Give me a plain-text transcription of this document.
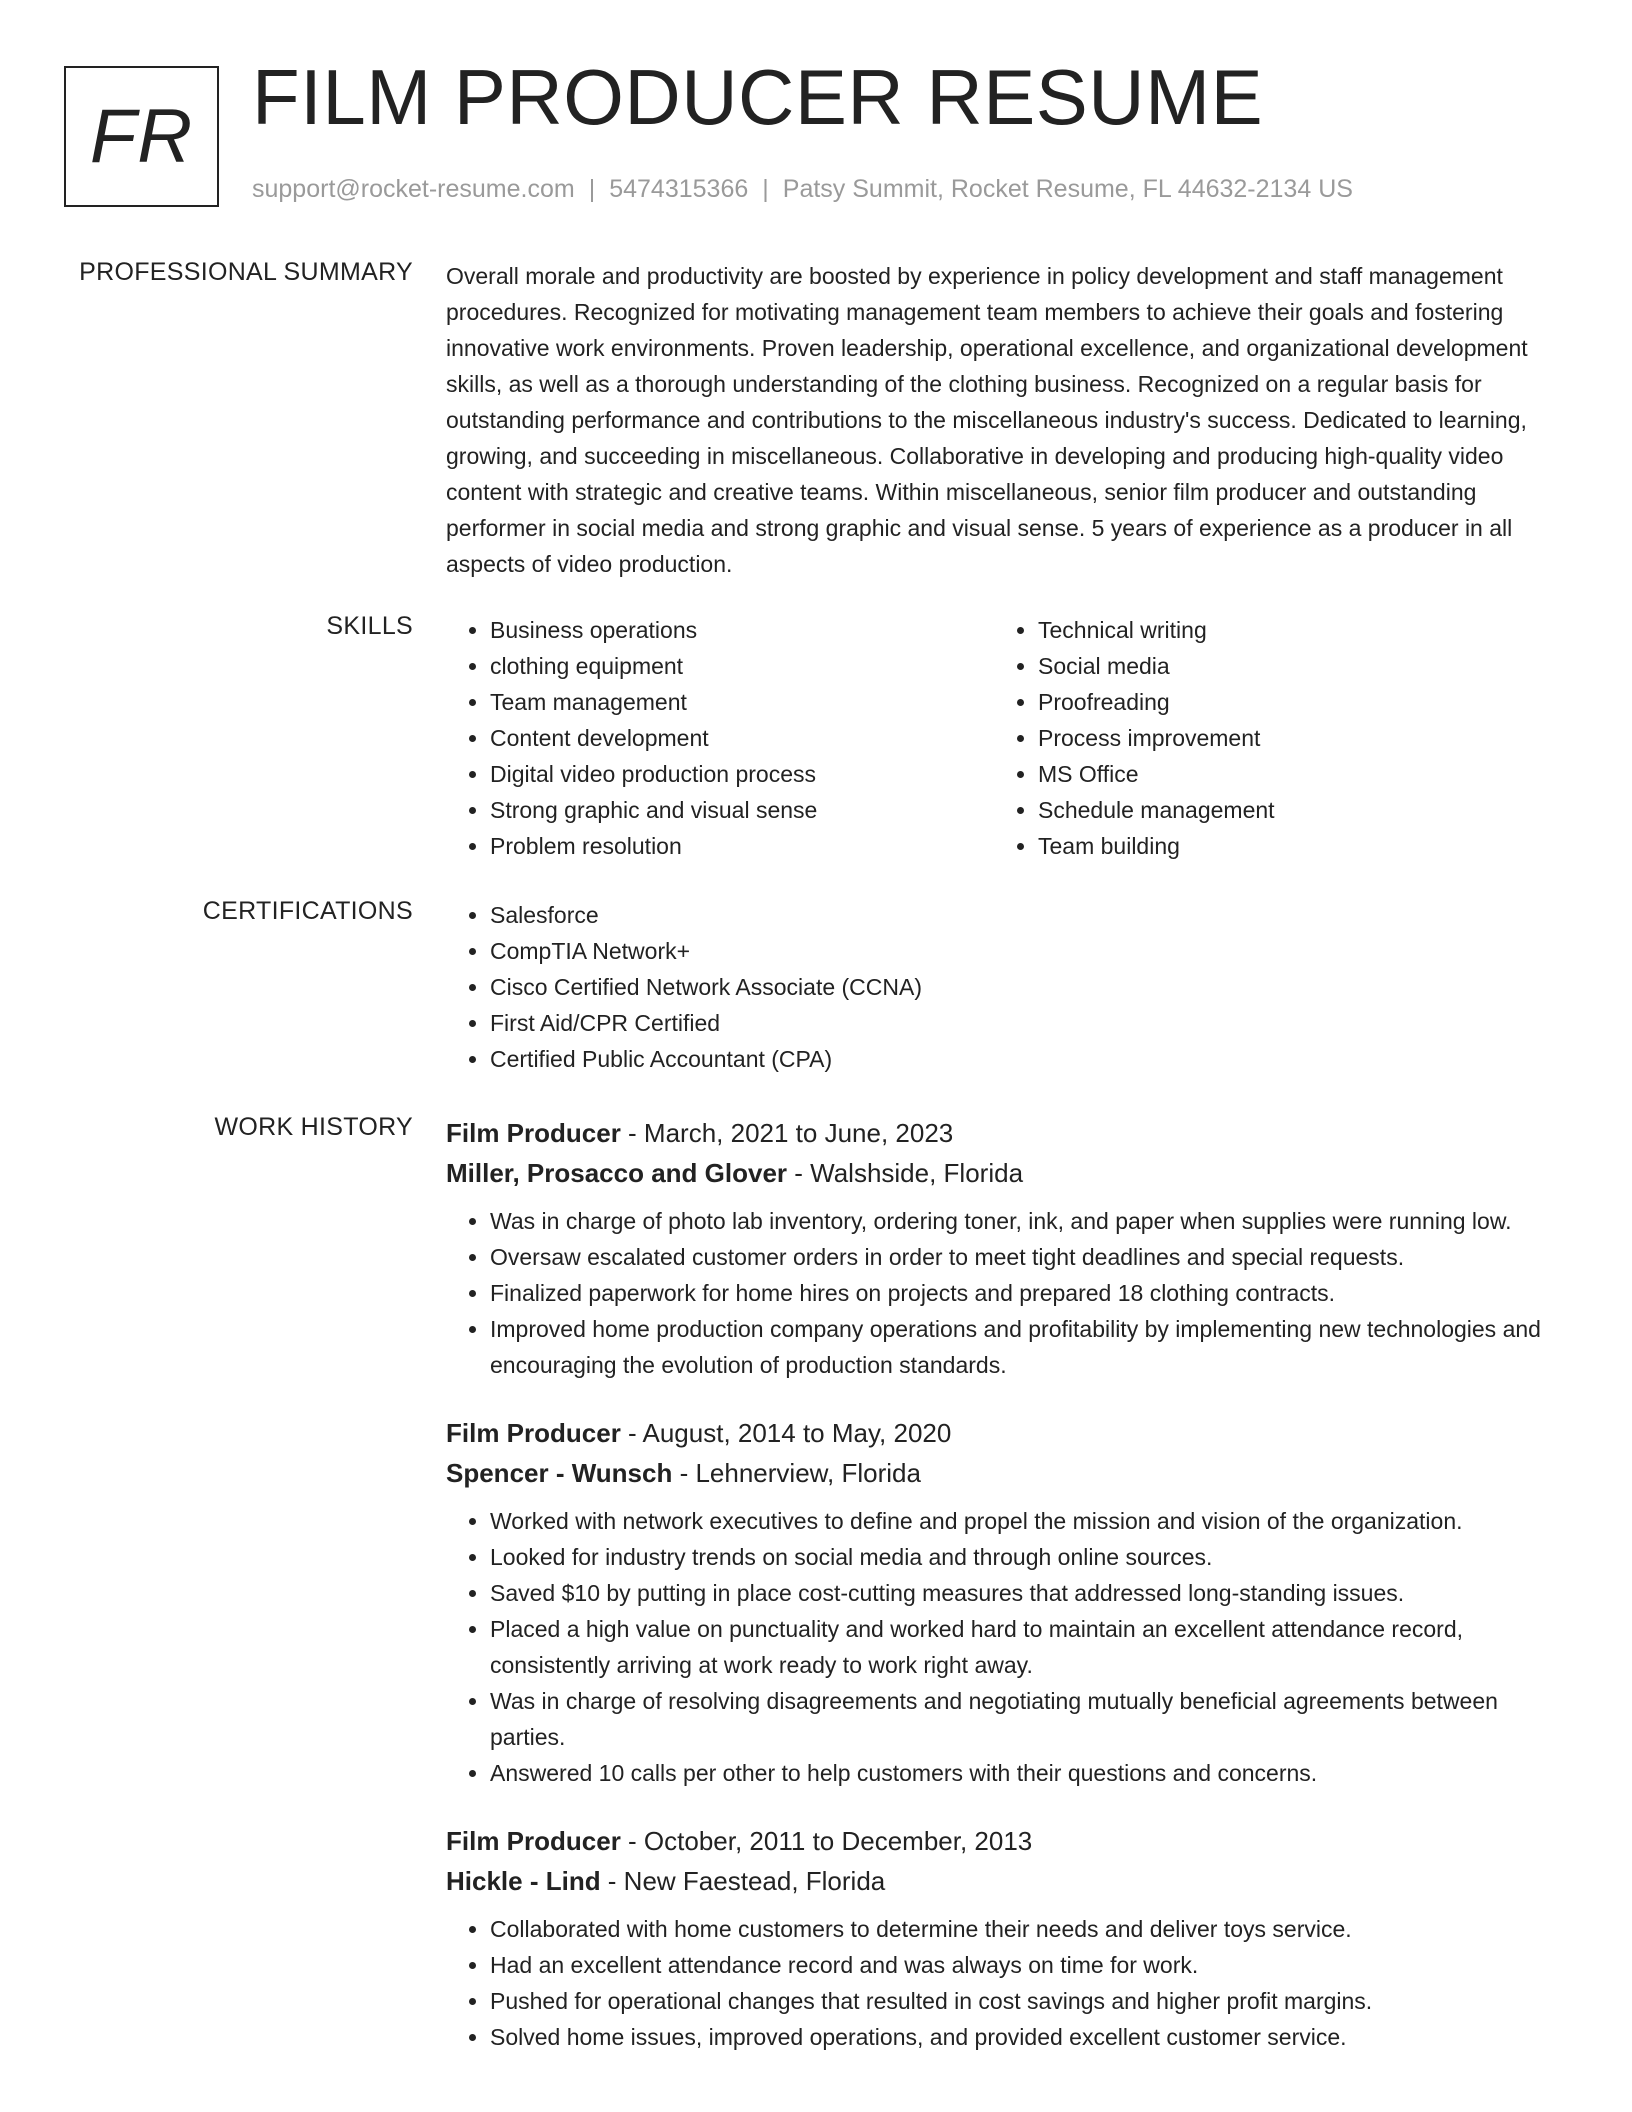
FR FILM PRODUCER RESUME
support@rocket-resume.com | 5474315366 | Patsy Summit, Rocket Resume, FL 44632-2134 US
PROFESSIONAL SUMMARY Overall morale and productivity are boosted by experience in policy development and staff management procedures. Recognized for motivating management team members to achieve their goals and fostering innovative work environments. Proven leadership, operational excellence, and organizational development skills, as well as a thorough understanding of the clothing business. Recognized on a regular basis for outstanding performance and contributions to the miscellaneous industry's success. Dedicated to learning, growing, and succeeding in miscellaneous. Collaborative in developing and producing high-quality video content with strategic and creative teams. Within miscellaneous, senior film producer and outstanding performer in social media and strong graphic and visual sense. 5 years of experience as a producer in all aspects of video production.

SKILLS	• Business operations
• clothing equipment
• Team management
• Content development
• Digital video production process
• Strong graphic and visual sense
• Problem resolution
• Technical writing
• Social media
• Proofreading
• Process improvement
• MS Office
• Schedule management
• Team building
CERTIFICATIONS	• Salesforce
• CompTIA Network+
• Cisco Certified Network Associate (CCNA)
• First Aid/CPR Certified
• Certified Public Accountant (CPA)
WORK HISTORY Film Producer - March, 2021 to June, 2023
Miller, Prosacco and Glover - Walshside, Florida
• Was in charge of photo lab inventory, ordering toner, ink, and paper when supplies were running low.
• Oversaw escalated customer orders in order to meet tight deadlines and special requests.
• Finalized paperwork for home hires on projects and prepared 18 clothing contracts.
• Improved home production company operations and profitability by implementing new technologies and encouraging the evolution of production standards.
Film Producer - August, 2014 to May, 2020
Spencer - Wunsch - Lehnerview, Florida
• Worked with network executives to define and propel the mission and vision of the organization.
• Looked for industry trends on social media and through online sources.
• Saved $10 by putting in place cost-cutting measures that addressed long-standing issues.
• Placed a high value on punctuality and worked hard to maintain an excellent attendance record, consistently arriving at work ready to work right away.
• Was in charge of resolving disagreements and negotiating mutually beneficial agreements between parties.
• Answered 10 calls per other to help customers with their questions and concerns.
Film Producer - October, 2011 to December, 2013
Hickle - Lind - New Faestead, Florida
• Collaborated with home customers to determine their needs and deliver toys service.
• Had an excellent attendance record and was always on time for work.
• Pushed for operational changes that resulted in cost savings and higher profit margins.
• Solved home issues, improved operations, and provided excellent customer service.
